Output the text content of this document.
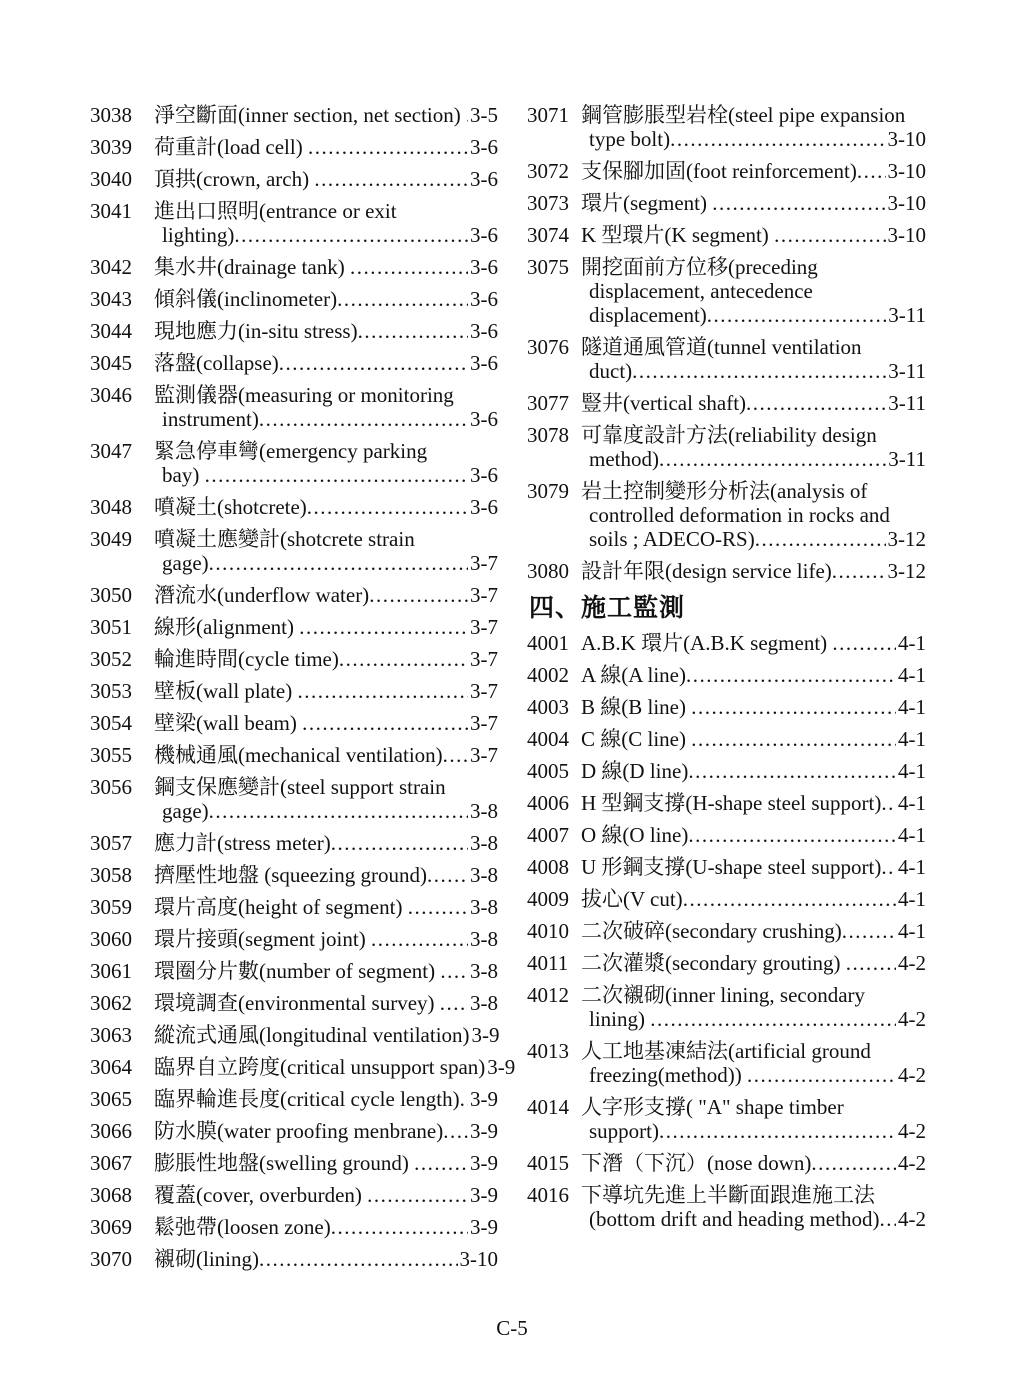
3038	淨空斷面(inner section, net section) ..... 3-5
3039	荷重計(load cell) .....	3-6
3040	頂拱(crown, arch) .....	3-6
3041	進出口照明(entrance or exit
lighting) .....	3-6
3042	集水井(drainage tank) .....	3-6
3043	傾斜儀(inclinometer) .....	3-6
3044	現地應力(in-situ stress) .....	3-6
3045	落盤(collapse) .....	3-6
3046	監測儀器(measuring or monitoring
instrument) .....	3-6
3047	緊急停車彎(emergency parking
bay) .....	3-6
3048	噴凝土(shotcrete) .....	3-6
3049	噴凝土應變計(shotcrete strain
gage) .....	3-7
3050	潛流水(underflow water) .....	3-7
3051	線形(alignment) .....	3-7
3052	輪進時間(cycle time) .....	3-7
3053	壁板(wall plate) .....	3-7
3054	壁梁(wall beam) .....	3-7
3055	機械通風(mechanical ventilation) ..... 3-7
3056	鋼支保應變計(steel support strain
gage) .....	3-8
3057	應力計(stress meter) .....	3-8
3058	擠壓性地盤 (squeezing ground) ..... 3-8
3059	環片高度(height of segment) .....	3-8
3060	環片接頭(segment joint) .....	3-8
3061	環圈分片數(number of segment) ..... 3-8
3062	環境調查(environmental survey) ..... 3-8
3063	縱流式通風(longitudinal ventilation) 3-9
3064	臨界自立跨度(critical unsupport span) 3-9
3065	臨界輪進長度(critical cycle length) ..... 3-9
3066	防水膜(water proofing menbrane) ..... 3-9
3067	膨脹性地盤(swelling ground) .....	3-9
3068	覆蓋(cover, overburden) .....	3-9
3069	鬆弛帶(loosen zone) .....	3-9
3070	襯砌(lining) .....	3-10
3071 鋼管膨脹型岩栓(steel pipe expansion
type bolt) .....	3-10
3072 支保腳加固(foot reinforcement) ..... 3-10
3073 環片(segment) .....	3-10
3074 K 型環片(K segment) .....	3-10
3075 開挖面前方位移(preceding
displacement, antecedence
displacement) .....	3-11
3076 隧道通風管道(tunnel ventilation
duct) .....	3-11
3077 豎井(vertical shaft) .....	3-11
3078 可靠度設計方法(reliability design
method) .....	3-11
3079 岩土控制變形分析法(analysis of
controlled deformation in rocks and
soils ; ADECO-RS) .....	3-12
3080 設計年限(design service life) .....	3-12
四、施工監測
4001 A.B.K 環片(A.B.K segment) .....	4-1
4002 A 線(A line) .....	4-1
4003 B 線(B line) .....	4-1
4004 C 線(C line) .....	4-1
4005 D 線(D line) .....	4-1
4006 H 型鋼支撐(H-shape steel support) ..... 4-1
4007 O 線(O line) .....	4-1
4008 U 形鋼支撐(U-shape steel support) ..... 4-1
4009 拔心(V cut) .....	4-1
4010 二次破碎(secondary crushing) .....	4-1
4011 二次灌漿(secondary grouting) ..... 4-2
4012 二次襯砌(inner lining, secondary
lining) .....	4-2
4013 人工地基凍結法(artificial ground
freezing(method)) .....	4-2
4014 人字形支撐( "A" shape timber
support) .....	4-2
4015 下潛（下沉）(nose down) .....	4-2
4016 下導坑先進上半斷面跟進施工法
(bottom drift and heading method) ..... 4-2
C-5
